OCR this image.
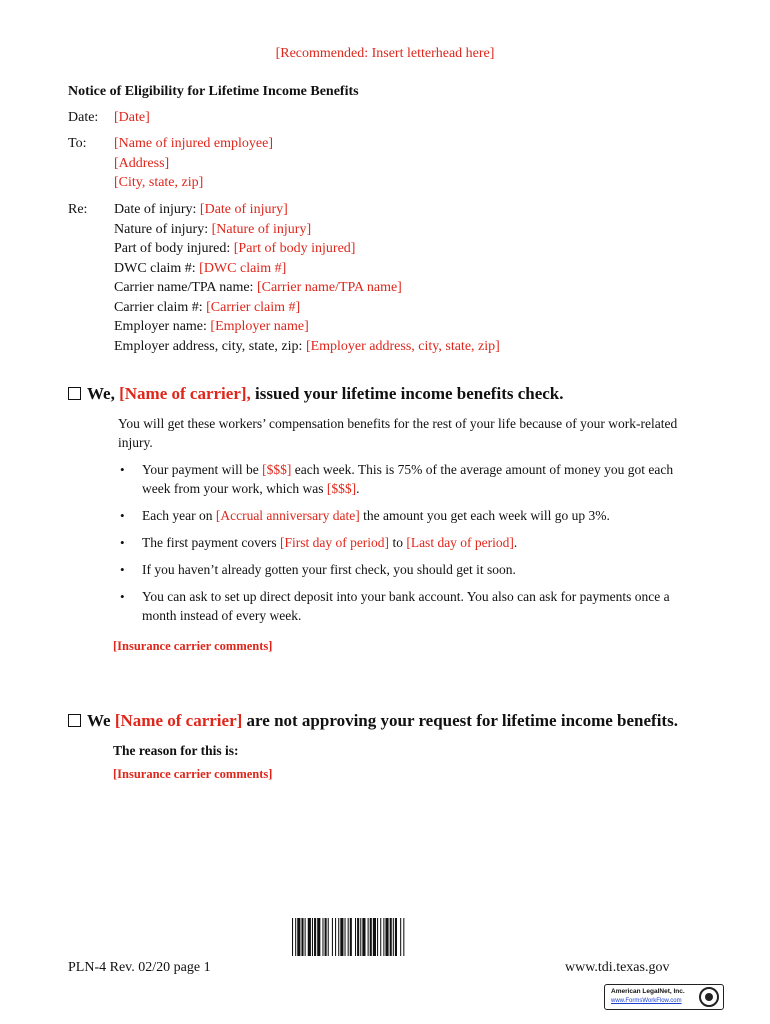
[Recommended: Insert letterhead here]
Notice of Eligibility for Lifetime Income Benefits
Date:	[Date]
To:	[Name of injured employee]
[Address]
[City, state, zip]
Re:	Date of injury: [Date of injury]
Nature of injury: [Nature of injury]
Part of body injured: [Part of body injured]
DWC claim #: [DWC claim #]
Carrier name/TPA name: [Carrier name/TPA name]
Carrier claim #: [Carrier claim #]
Employer name: [Employer name]
Employer address, city, state, zip: [Employer address, city, state, zip]
We, [Name of carrier], issued your lifetime income benefits check.
You will get these workers’ compensation benefits for the rest of your life because of your work-related injury.
• Your payment will be [$$$] each week. This is 75% of the average amount of money you got each week from your work, which was [$$$].
• Each year on [Accrual anniversary date] the amount you get each week will go up 3%.
• The first payment covers [First day of period] to [Last day of period].
• If you haven’t already gotten your first check, you should get it soon.
• You can ask to set up direct deposit into your bank account. You also can ask for payments once a month instead of every week.
[Insurance carrier comments]
We [Name of carrier] are not approving your request for lifetime income benefits.
The reason for this is:
[Insurance carrier comments]
PLN-4 Rev. 02/20 page 1	www.tdi.texas.gov
American LegalNet, Inc.
www.FormsWorkFlow.com
